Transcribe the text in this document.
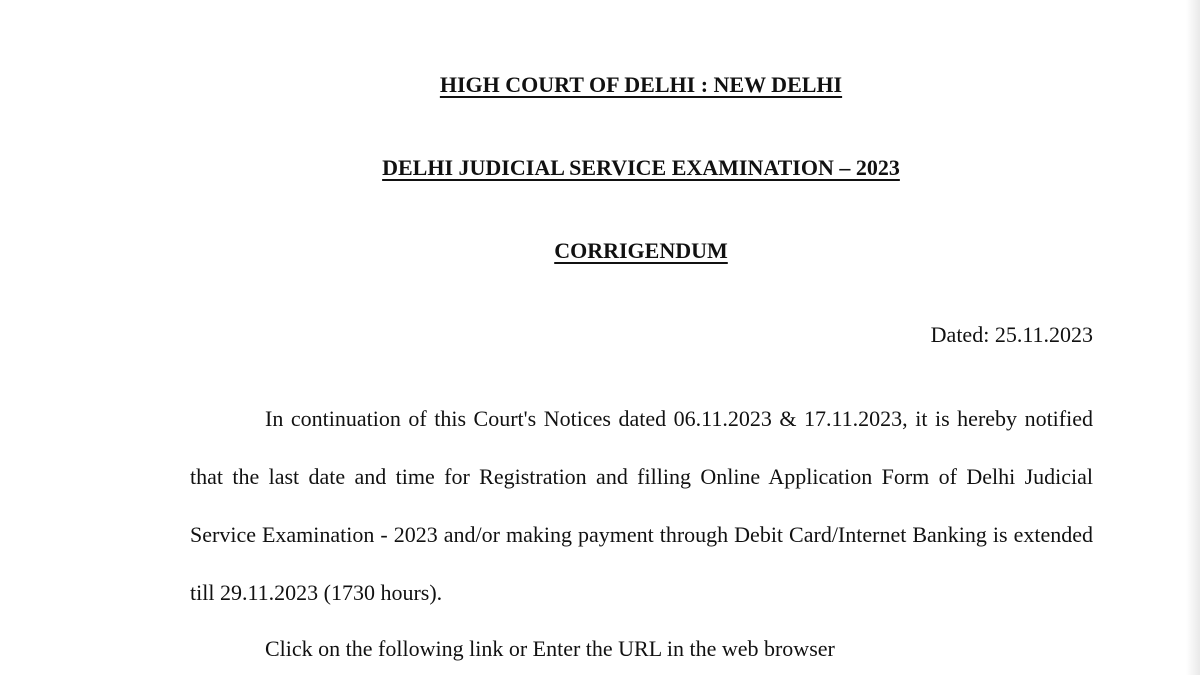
HIGH COURT OF DELHI : NEW DELHI
DELHI JUDICIAL SERVICE EXAMINATION – 2023
CORRIGENDUM
Dated: 25.11.2023

In continuation of this Court's Notices dated 06.11.2023 & 17.11.2023, it is hereby notified that the last date and time for Registration and filling Online Application Form of Delhi Judicial Service Examination - 2023 and/or making payment through Debit Card/Internet Banking is extended till 29.11.2023 (1730 hours).

Click on the following link or Enter the URL in the web browser
